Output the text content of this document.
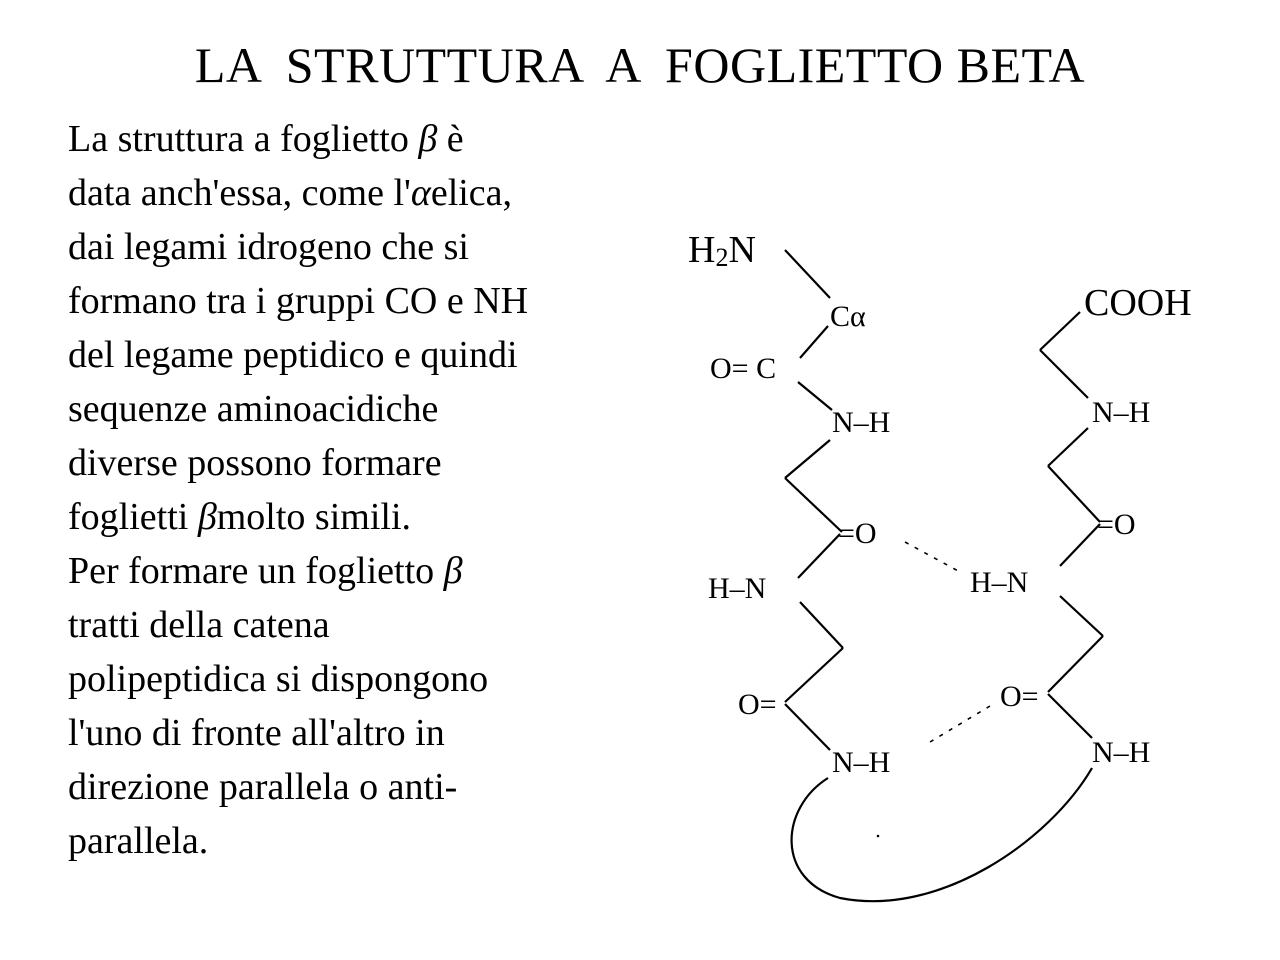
LA  STRUTTURA  A  FOGLIETTO BETA
La struttura a foglietto β è
data anch'essa, come l'αelica,
dai legami idrogeno che si
formano tra i gruppi CO e NH
del legame peptidico e quindi
sequenze aminoacidiche
diverse possono formare
foglietti βmolto simili.
Per formare un foglietto β
tratti della catena
polipeptidica si dispongono
l'uno di fronte all'altro in
direzione parallela o anti-
parallela.
H2N
Cα
O= C
N–H
=O
H–N
O=
N–H
COOH
N–H
=O
H–N
O=
N–H
